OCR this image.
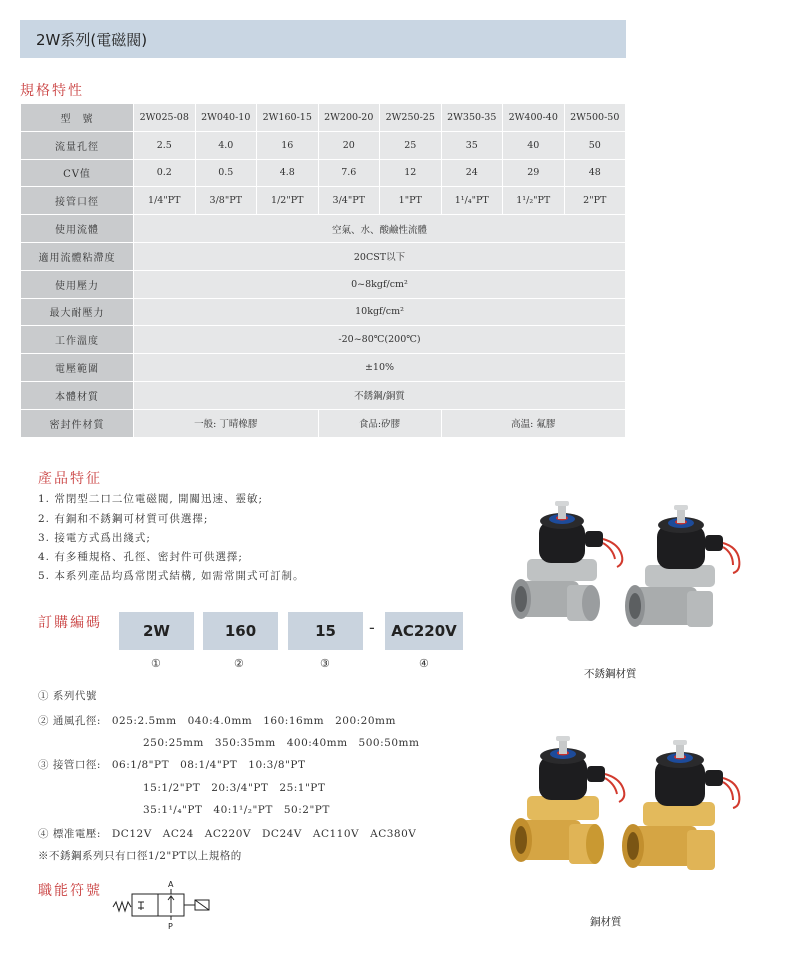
2W系列(電磁閥)
規格特性
型　號	2W025-08	2W040-10	2W160-15	2W200-20	2W250-25	2W350-35	2W400-40	2W500-50
流量孔徑	2.5	4.0	16	20	25	35	40	50
CV值	0.2	0.5	4.8	7.6	12	24	29	48
接管口徑	1/4"PT	3/8"PT	1/2"PT	3/4"PT	1"PT	1¹/₄"PT	1¹/₂"PT	2"PT
使用流體	空氣、水、酸鹼性流體							
適用流體粘滯度	20CST以下							
使用壓力	0~8kgf/cm²							
最大耐壓力	10kgf/cm²							
工作溫度	-20~80℃(200℃)							
電壓範圍	±10%							
本體材質	不銹鋼/銅質							
密封件材質	一般: 丁晴橡膠			食品:矽膠		高温: 氟膠		
產品特征
1. 常閉型二口二位電磁閥, 開關迅速、靈敏;
2. 有銅和不銹鋼可材質可供選擇;
3. 接電方式爲出綫式;
4. 有多種規格、孔徑、密封件可供選擇;
5. 本系列產品均爲常閉式結構, 如需常開式可訂制。
訂購編碼	2W	160	15	-	AC220V
①	②	③	④
① 系列代號
② 通風孔徑:　025:2.5mm　040:4.0mm　160:16mm　200:20mm
250:25mm　350:35mm　400:40mm　500:50mm
③ 接管口徑:　06:1/8"PT　08:1/4"PT　10:3/8"PT
15:1/2"PT　20:3/4"PT　25:1"PT
35:1¹/₄"PT　40:1¹/₂"PT　50:2"PT
④ 標准電壓:　DC12V　AC24　AC220V　DC24V　AC110V　AC380V
※不銹鋼系列只有口徑1/2"PT以上規格的
職能符號	A
P
不銹鋼材質
銅材質
